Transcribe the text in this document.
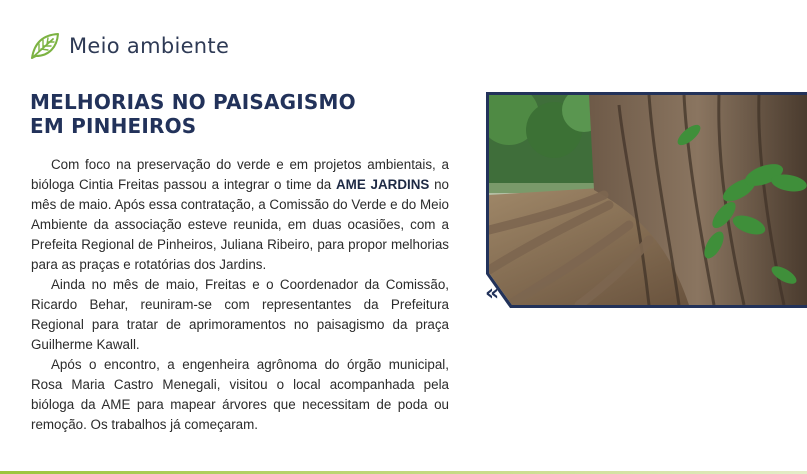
Meio ambiente
MELHORIAS NO PAISAGISMO
EM PINHEIROS

Com foco na preservação do verde e em projetos ambientais, a bióloga Cintia Freitas passou a integrar o time da AME JARDINS no mês de maio. Após essa contratação, a Comissão do Verde e do Meio Ambiente da associação esteve reunida, em duas ocasiões, com a Prefeita Regional de Pinheiros, Juliana Ribeiro, para propor melhorias para as praças e rotatórias dos Jardins.

Ainda no mês de maio, Freitas e o Coordenador da Comissão, Ricardo Behar, reuniram-se com representantes da Prefeitura Regional para tratar de aprimoramentos no paisagismo da praça Guilherme Kawall.

Após o encontro, a engenheira agrônoma do órgão municipal, Rosa Maria Castro Menegali, visitou o local acompanhada pela bióloga da AME para mapear árvores que necessitam de poda ou remoção. Os trabalhos já começaram.

«
